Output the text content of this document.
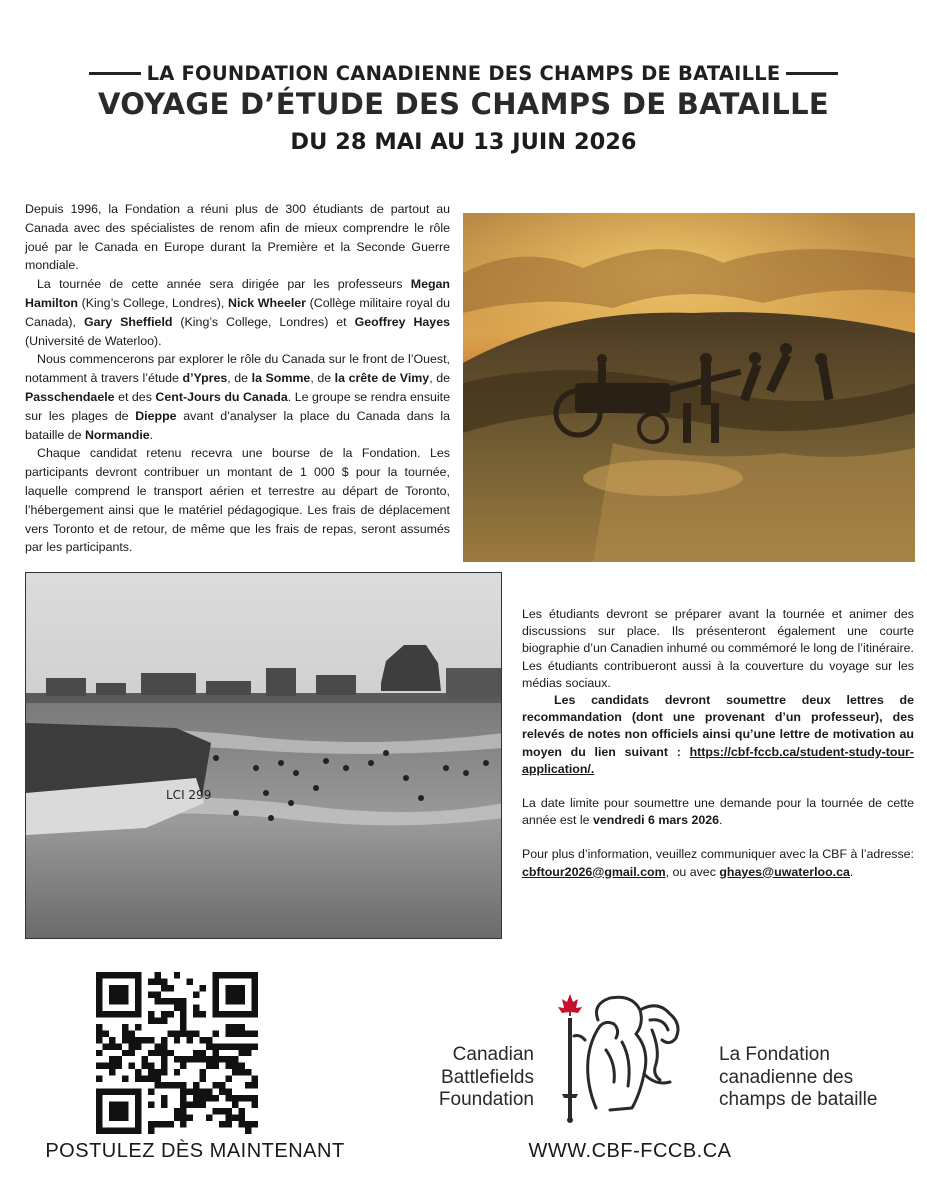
LA FOUNDATION CANADIENNE DES CHAMPS DE BATAILLE
VOYAGE D’ÉTUDE DES CHAMPS DE BATAILLE
DU 28 MAI AU 13 JUIN 2026

Depuis 1996, la Fondation a réuni plus de 300 étudiants de partout au Canada avec des spécialistes de renom afin de mieux comprendre le rôle joué par le Canada en Europe durant la Première et la Seconde Guerre mondiale.

La tournée de cette année sera dirigée par les professeurs Megan Hamilton (King’s College, Londres), Nick Wheeler (Collège militaire royal du Canada), Gary Sheffield (King’s College, Londres) et Geoffrey Hayes (Université de Waterloo).

Nous commencerons par explorer le rôle du Canada sur le front de l’Ouest, notamment à travers l’étude d’Ypres, de la Somme, de la crête de Vimy, de Passchendaele et des Cent-Jours du Canada. Le groupe se rendra ensuite sur les plages de Dieppe avant d’analyser la place du Canada dans la bataille de Normandie.

Chaque candidat retenu recevra une bourse de la Fondation. Les participants devront contribuer un montant de 1 000 $ pour la tournée, laquelle comprend le transport aérien et terrestre au départ de Toronto, l’hébergement ainsi que le matériel pédagogique. Les frais de déplacement vers Toronto et de retour, de même que les frais de repas, seront assumés par les participants.

LCI 299

Les étudiants devront se préparer avant la tournée et animer des discussions sur place. Ils présenteront également une courte biographie d’un Canadien inhumé ou commémoré le long de l’itinéraire. Les étudiants contribueront aussi à la couverture du voyage sur les médias sociaux.

Les candidats devront soumettre deux lettres de recommandation (dont une provenant d’un professeur), des relevés de notes non officiels ainsi qu’une lettre de motivation au moyen du lien suivant : https://cbf-fccb.ca/student-study-tour-application/.

La date limite pour soumettre une demande pour la tournée de cette année est le vendredi 6 mars 2026.

Pour plus d’information, veuillez communiquer avec la CBF à l’adresse: cbftour2026@gmail.com, ou avec ghayes@uwaterloo.ca.

POSTULEZ DÈS MAINTENANT
Canadian
Battlefields
Foundation
La Fondation
canadienne des
champs de bataille
WWW.CBF-FCCB.CA
